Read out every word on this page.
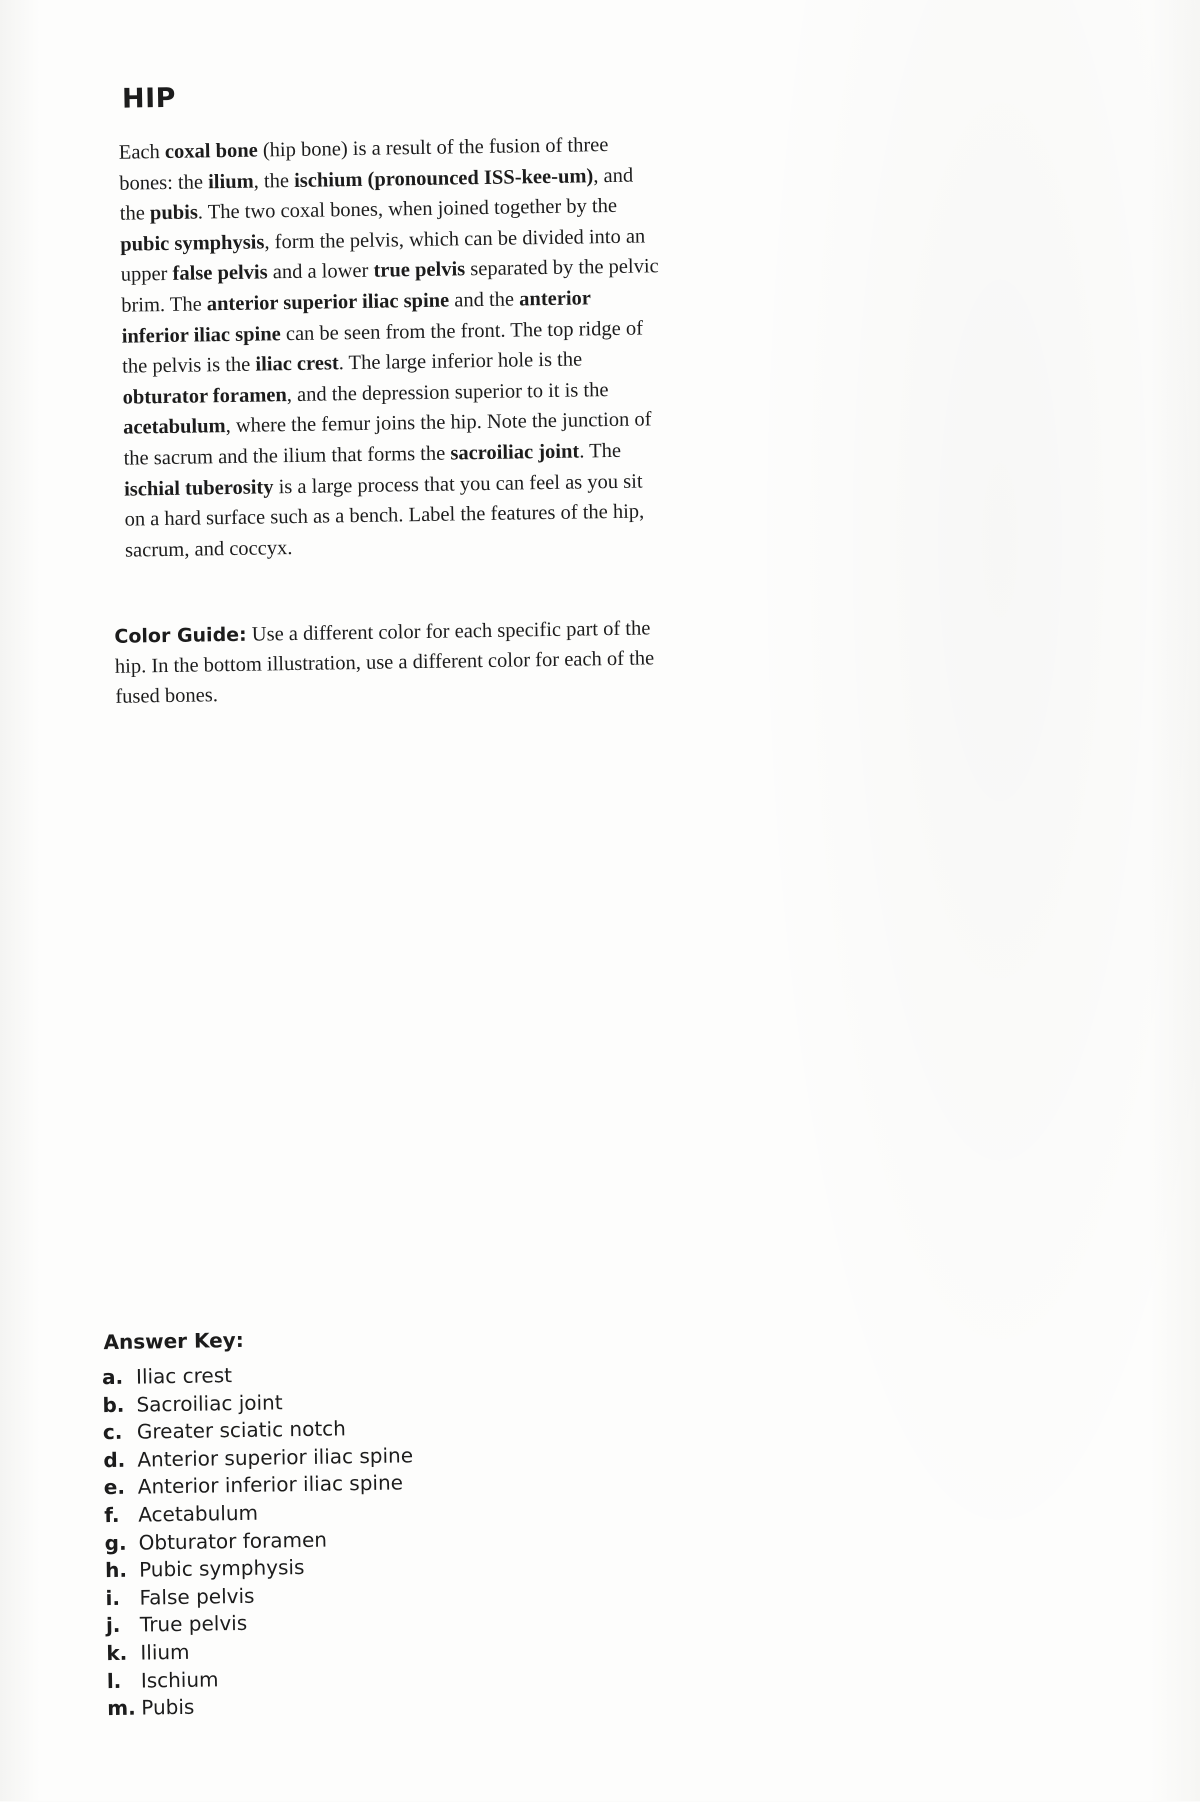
HIP

Each coxal bone (hip bone) is a result of the fusion of three bones: the ilium, the ischium (pronounced ISS-kee-um), and the pubis. The two coxal bones, when joined together by the pubic symphysis, form the pelvis, which can be divided into an upper false pelvis and a lower true pelvis separated by the pelvic brim. The anterior superior iliac spine and the anterior inferior iliac spine can be seen from the front. The top ridge of the pelvis is the iliac crest. The large inferior hole is the obturator foramen, and the depression superior to it is the acetabulum, where the femur joins the hip. Note the junction of the sacrum and the ilium that forms the sacroiliac joint. The ischial tuberosity is a large process that you can feel as you sit on a hard surface such as a bench. Label the features of the hip, sacrum, and coccyx.

Color Guide: Use a different color for each specific part of the hip. In the bottom illustration, use a different color for each of the fused bones.

Answer Key:
a. Iliac crest
b. Sacroiliac joint
c. Greater sciatic notch
d. Anterior superior iliac spine
e. Anterior inferior iliac spine
f. Acetabulum
g. Obturator foramen
h. Pubic symphysis
i. False pelvis
j. True pelvis
k. Ilium
l. Ischium
m. Pubis
